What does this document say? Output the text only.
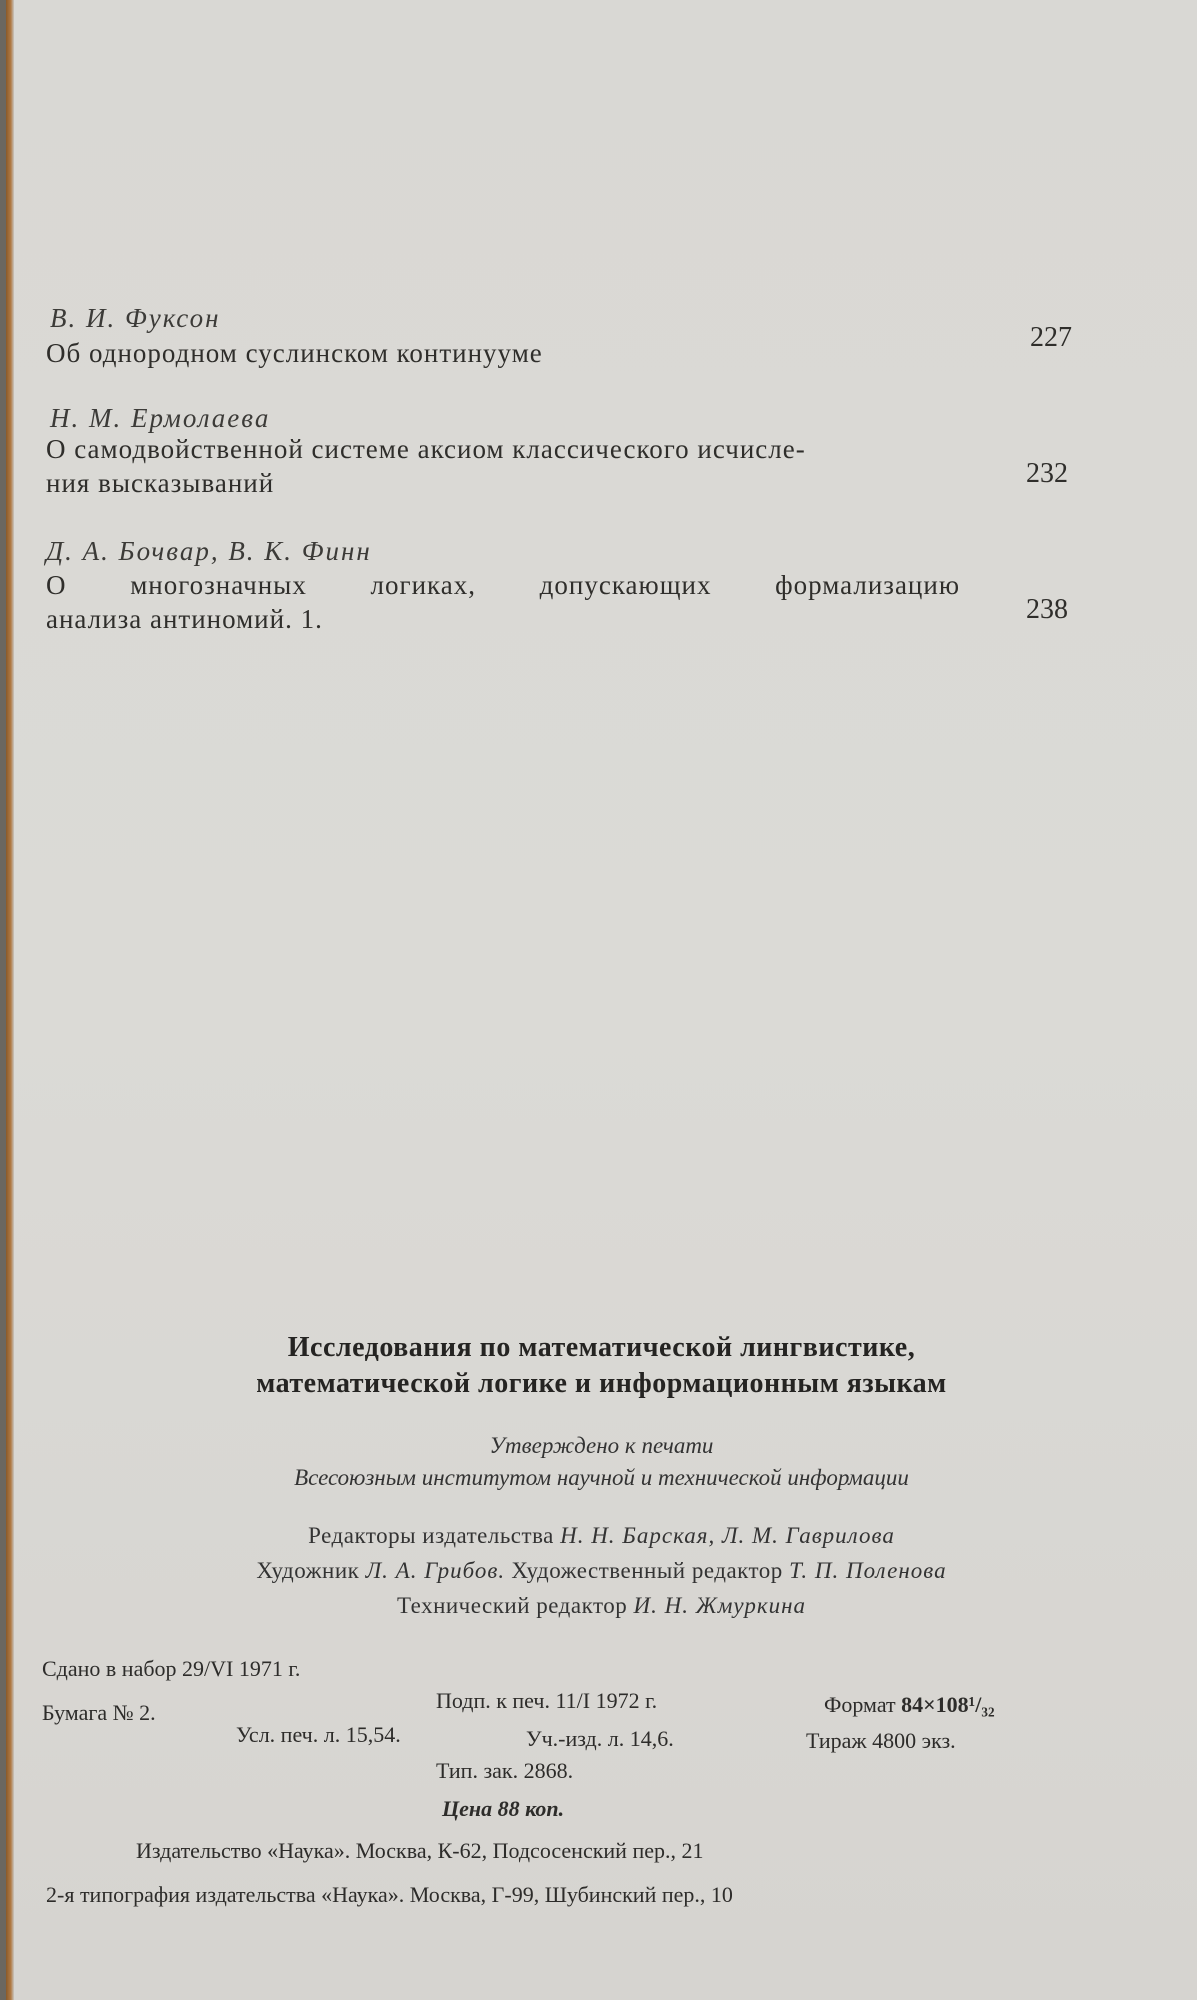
В. И. Фуксон
Об однородном суслинском континууме	227
Н. М. Ермолаева
О самодвойственной системе аксиом классического исчисле-
ния высказываний	232
Д. А. Бочвар, В. К. Финн
О многозначных логиках, допускающих формализацию
анализа антиномий. 1.	238
Исследования по математической лингвистике,
математической логике и информационным языкам
Утверждено к печати
Всесоюзным институтом научной и технической информации
Редакторы издательства Н. Н. Барская, Л. М. Гаврилова
Художник Л. А. Грибов. Художественный редактор Т. П. Поленова
Технический редактор И. Н. Жмуркина
Сдано в набор 29/VI 1971 г.
Подп. к печ. 11/I 1972 г.	Формат 84×108¹/₃₂
Бумага № 2.
Усл. печ. л. 15,54.	Уч.-изд. л. 14,6.	Тираж 4800 экз.
Тип. зак. 2868.
Цена 88 коп.
Издательство «Наука». Москва, К-62, Подсосенский пер., 21
2-я типография издательства «Наука». Москва, Г-99, Шубинский пер., 10
